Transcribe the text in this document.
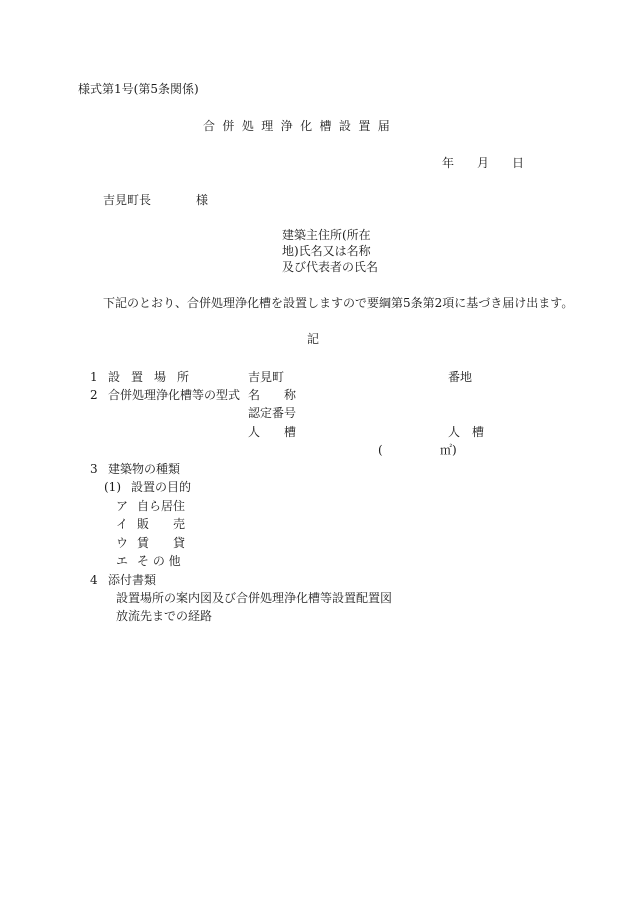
様式第1号(第5条関係)
合 併 処 理 浄 化 槽 設 置 届
年 月 日
吉見町長	様
建築主住所(所在
地)氏名又は名称
及び代表者の氏名
下記のとおり、合併処理浄化槽を設置しますので要綱第5条第2項に基づき届け出ます。
記
1 設 置 場 所	吉見町	番地
2 合併処理浄化槽等の型式 名　　称
認定番号
人　　槽	人　槽
(	㎡)
3 建築物の種類
(1) 設置の目的
ア 自ら居住
イ 販　　売
ウ 賃　　貸
エ そ の 他
4 添付書類
設置場所の案内図及び合併処理浄化槽等設置配置図
放流先までの経路
